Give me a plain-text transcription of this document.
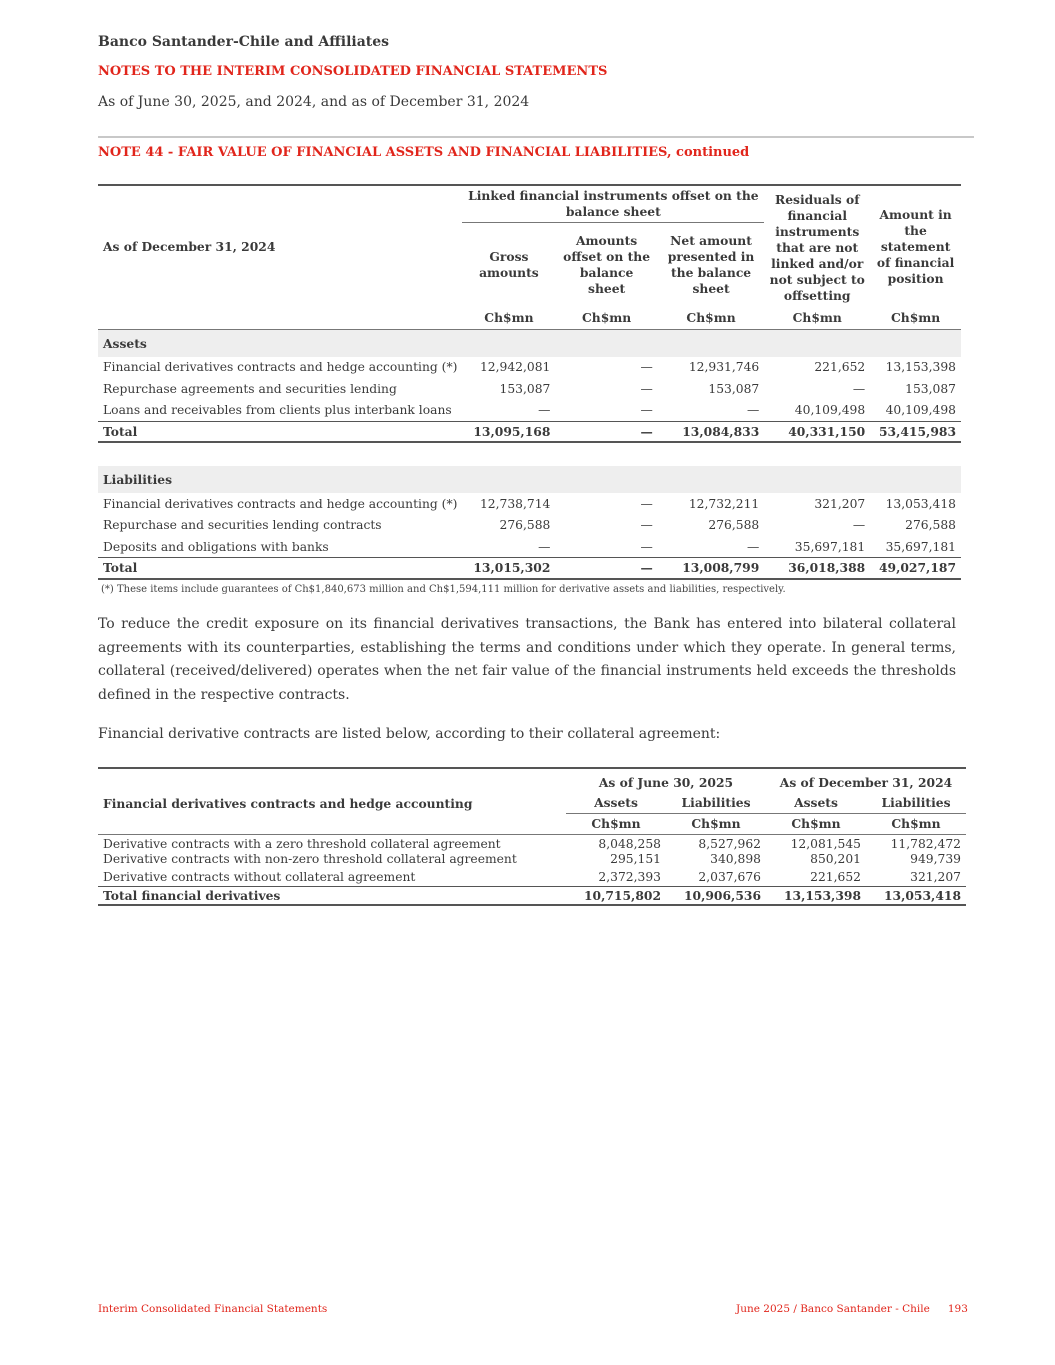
Banco Santander-Chile and Affiliates
NOTES TO THE INTERIM CONSOLIDATED FINANCIAL STATEMENTS
As of June 30, 2025, and 2024, and as of December 31, 2024
NOTE 44 - FAIR VALUE OF FINANCIAL ASSETS AND FINANCIAL LIABILITIES, continued
As of December 31, 2024	Linked financial instruments offset on the balance sheet			Residuals of financial instruments that are not linked and/or not subject to offsetting	Amount in the statement of financial position
	Gross amounts	Amounts offset on the balance sheet	Net amount presented in the balance sheet		
	Ch$mn	Ch$mn	Ch$mn	Ch$mn	Ch$mn
Assets					
Financial derivatives contracts and hedge accounting (*)	12,942,081	—	12,931,746	221,652	13,153,398
Repurchase agreements and securities lending	153,087	—	153,087	—	153,087
Loans and receivables from clients plus interbank loans	—	—	—	40,109,498	40,109,498
Total	13,095,168	—	13,084,833	40,331,150	53,415,983

Liabilities					
Financial derivatives contracts and hedge accounting (*)	12,738,714	—	12,732,211	321,207	13,053,418
Repurchase and securities lending contracts	276,588	—	276,588	—	276,588
Deposits and obligations with banks	—	—	—	35,697,181	35,697,181
Total	13,015,302	—	13,008,799	36,018,388	49,027,187
(*) These items include guarantees of Ch$1,840,673 million and Ch$1,594,111 million for derivative assets and liabilities, respectively.

To reduce the credit exposure on its financial derivatives transactions, the Bank has entered into bilateral collateral agreements with its counterparties, establishing the terms and conditions under which they operate. In general terms, collateral (received/delivered) operates when the net fair value of the financial instruments held exceeds the thresholds defined in the respective contracts.

Financial derivative contracts are listed below, according to their collateral agreement:

Financial derivatives contracts and hedge accounting	As of June 30, 2025		As of December 31, 2024	
	Assets	Liabilities	Assets	Liabilities
	Ch$mn	Ch$mn	Ch$mn	Ch$mn
Derivative contracts with a zero threshold collateral agreement	8,048,258	8,527,962	12,081,545	11,782,472
Derivative contracts with non-zero threshold collateral agreement	295,151	340,898	850,201	949,739
Derivative contracts without collateral agreement	2,372,393	2,037,676	221,652	321,207
Total financial derivatives	10,715,802	10,906,536	13,153,398	13,053,418
Interim Consolidated Financial Statements	June 2025 / Banco Santander - Chile 193
